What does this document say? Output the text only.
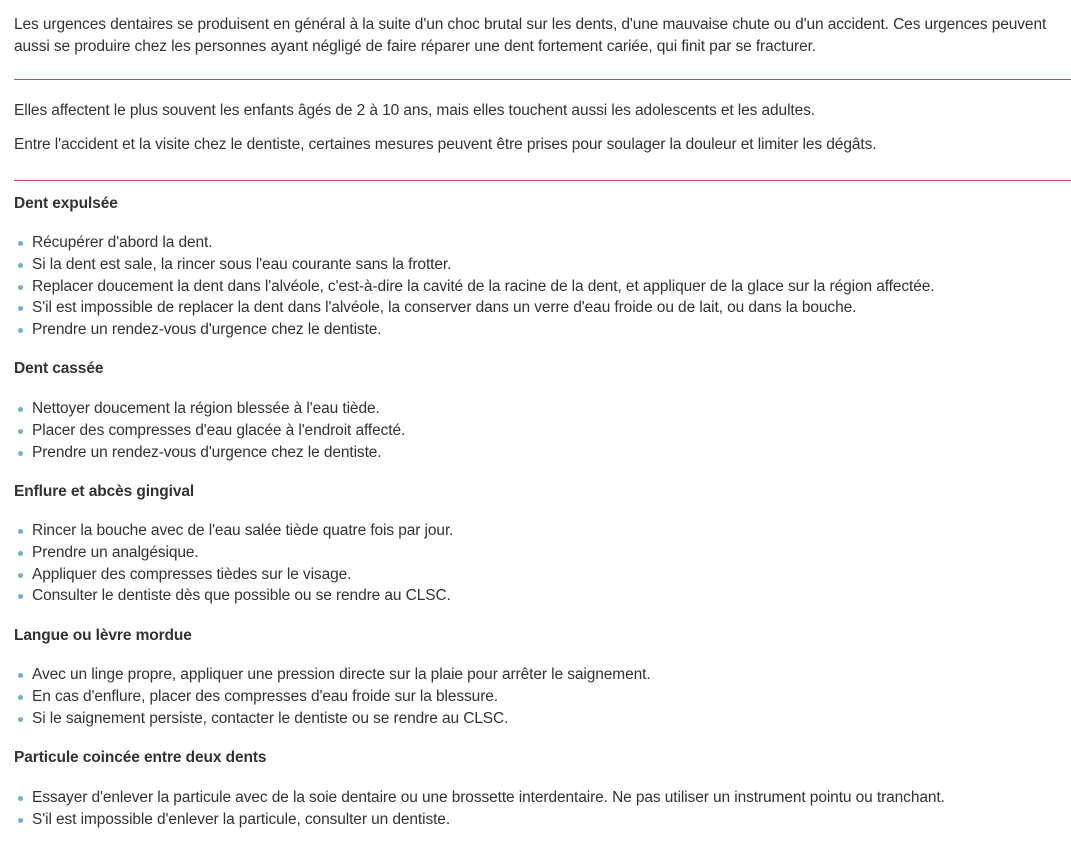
Les urgences dentaires se produisent en général à la suite d'un choc brutal sur les dents, d'une mauvaise chute ou d'un accident. Ces urgences peuvent aussi se produire chez les personnes ayant négligé de faire réparer une dent fortement cariée, qui finit par se fracturer.

Elles affectent le plus souvent les enfants âgés de 2 à 10 ans, mais elles touchent aussi les adolescents et les adultes.

Entre l'accident et la visite chez le dentiste, certaines mesures peuvent être prises pour soulager la douleur et limiter les dégâts.

Dent expulsée
Récupérer d'abord la dent.
Si la dent est sale, la rincer sous l'eau courante sans la frotter.
Replacer doucement la dent dans l'alvéole, c'est-à-dire la cavité de la racine de la dent, et appliquer de la glace sur la région affectée.
S'il est impossible de replacer la dent dans l'alvéole, la conserver dans un verre d'eau froide ou de lait, ou dans la bouche.
Prendre un rendez-vous d'urgence chez le dentiste.
Dent cassée
Nettoyer doucement la région blessée à l'eau tiède.
Placer des compresses d'eau glacée à l'endroit affecté.
Prendre un rendez-vous d'urgence chez le dentiste.
Enflure et abcès gingival
Rincer la bouche avec de l'eau salée tiède quatre fois par jour.
Prendre un analgésique.
Appliquer des compresses tièdes sur le visage.
Consulter le dentiste dès que possible ou se rendre au CLSC.
Langue ou lèvre mordue
Avec un linge propre, appliquer une pression directe sur la plaie pour arrêter le saignement.
En cas d'enflure, placer des compresses d'eau froide sur la blessure.
Si le saignement persiste, contacter le dentiste ou se rendre au CLSC.
Particule coincée entre deux dents
Essayer d'enlever la particule avec de la soie dentaire ou une brossette interdentaire. Ne pas utiliser un instrument pointu ou tranchant.
S'il est impossible d'enlever la particule, consulter un dentiste.
